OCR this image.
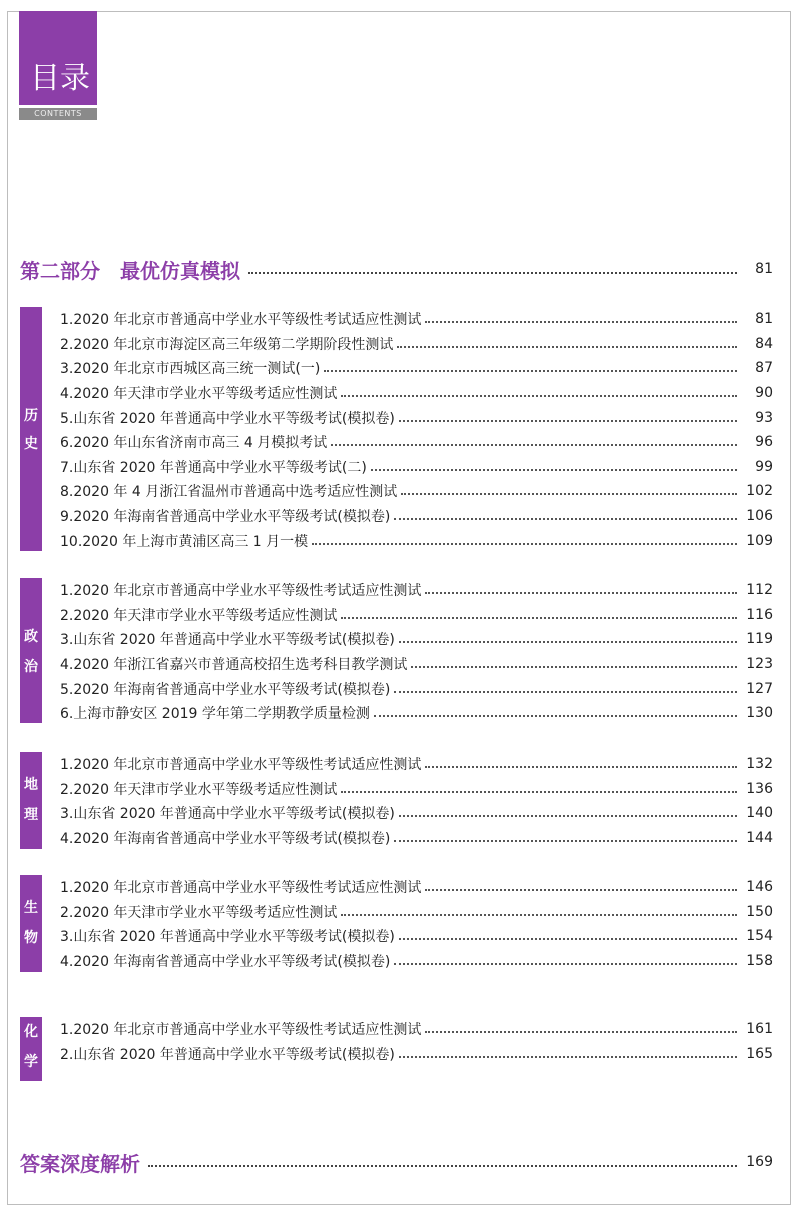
目录
CONTENTS
第二部分　最优仿真模拟	81
历
史
1.2020 年北京市普通高中学业水平等级性考试适应性测试	81
2.2020 年北京市海淀区高三年级第二学期阶段性测试	84
3.2020 年北京市西城区高三统一测试(一)	87
4.2020 年天津市学业水平等级考适应性测试	90
5.山东省 2020 年普通高中学业水平等级考试(模拟卷)	93
6.2020 年山东省济南市高三 4 月模拟考试	96
7.山东省 2020 年普通高中学业水平等级考试(二)	99
8.2020 年 4 月浙江省温州市普通高中选考适应性测试	102
9.2020 年海南省普通高中学业水平等级考试(模拟卷)	106
10.2020 年上海市黄浦区高三 1 月一模	109
政
治
1.2020 年北京市普通高中学业水平等级性考试适应性测试	112
2.2020 年天津市学业水平等级考适应性测试	116
3.山东省 2020 年普通高中学业水平等级考试(模拟卷)	119
4.2020 年浙江省嘉兴市普通高校招生选考科目教学测试	123
5.2020 年海南省普通高中学业水平等级考试(模拟卷)	127
6.上海市静安区 2019 学年第二学期教学质量检测	130
地
理
1.2020 年北京市普通高中学业水平等级性考试适应性测试	132
2.2020 年天津市学业水平等级考适应性测试	136
3.山东省 2020 年普通高中学业水平等级考试(模拟卷)	140
4.2020 年海南省普通高中学业水平等级考试(模拟卷)	144
生
物
1.2020 年北京市普通高中学业水平等级性考试适应性测试	146
2.2020 年天津市学业水平等级考适应性测试	150
3.山东省 2020 年普通高中学业水平等级考试(模拟卷)	154
4.2020 年海南省普通高中学业水平等级考试(模拟卷)	158
化
学
1.2020 年北京市普通高中学业水平等级性考试适应性测试	161
2.山东省 2020 年普通高中学业水平等级考试(模拟卷)	165
答案深度解析	169
